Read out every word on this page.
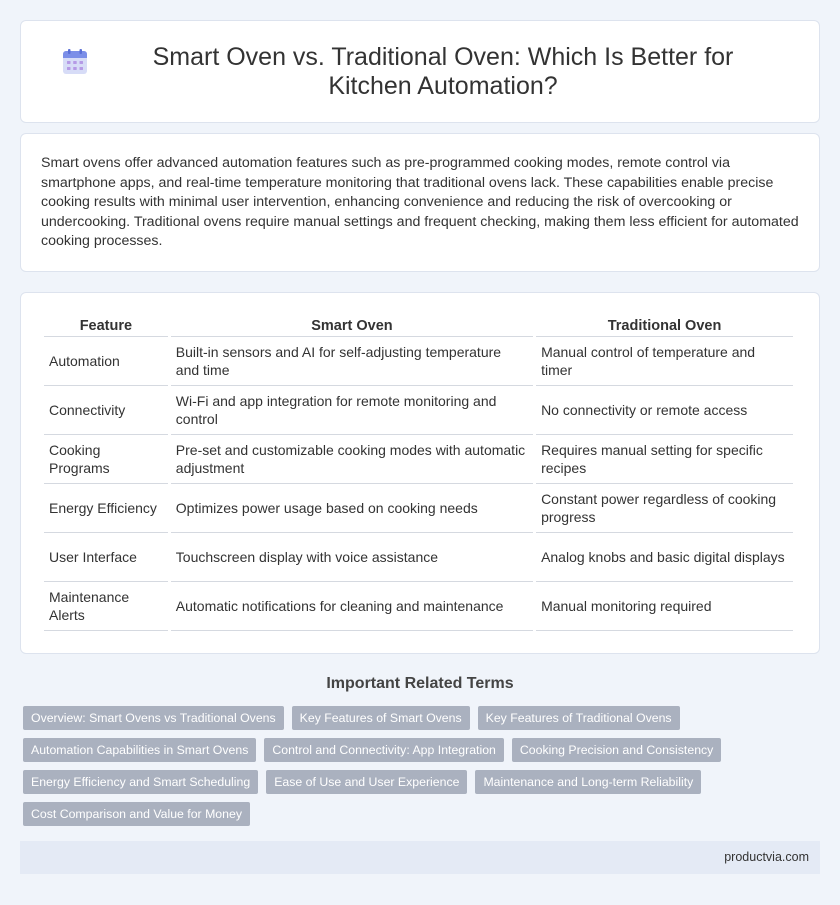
Smart Oven vs. Traditional Oven: Which Is Better for Kitchen Automation?

Smart ovens offer advanced automation features such as pre-programmed cooking modes, remote control via smartphone apps, and real-time temperature monitoring that traditional ovens lack. These capabilities enable precise cooking results with minimal user intervention, enhancing convenience and reducing the risk of overcooking or undercooking. Traditional ovens require manual settings and frequent checking, making them less efficient for automated cooking processes.

Feature	Smart Oven	Traditional Oven
Automation	Built-in sensors and AI for self-adjusting temperature and time	Manual control of temperature and timer
Connectivity	Wi-Fi and app integration for remote monitoring and control	No connectivity or remote access
Cooking Programs	Pre-set and customizable cooking modes with automatic adjustment	Requires manual setting for specific recipes
Energy Efficiency	Optimizes power usage based on cooking needs	Constant power regardless of cooking progress
User Interface	Touchscreen display with voice assistance	Analog knobs and basic digital displays
Maintenance Alerts	Automatic notifications for cleaning and maintenance	Manual monitoring required
Important Related Terms
Overview: Smart Ovens vs Traditional Ovens	Key Features of Smart Ovens	Key Features of Traditional Ovens
Automation Capabilities in Smart Ovens	Control and Connectivity: App Integration	Cooking Precision and Consistency
Energy Efficiency and Smart Scheduling	Ease of Use and User Experience	Maintenance and Long-term Reliability
Cost Comparison and Value for Money
productvia.com
